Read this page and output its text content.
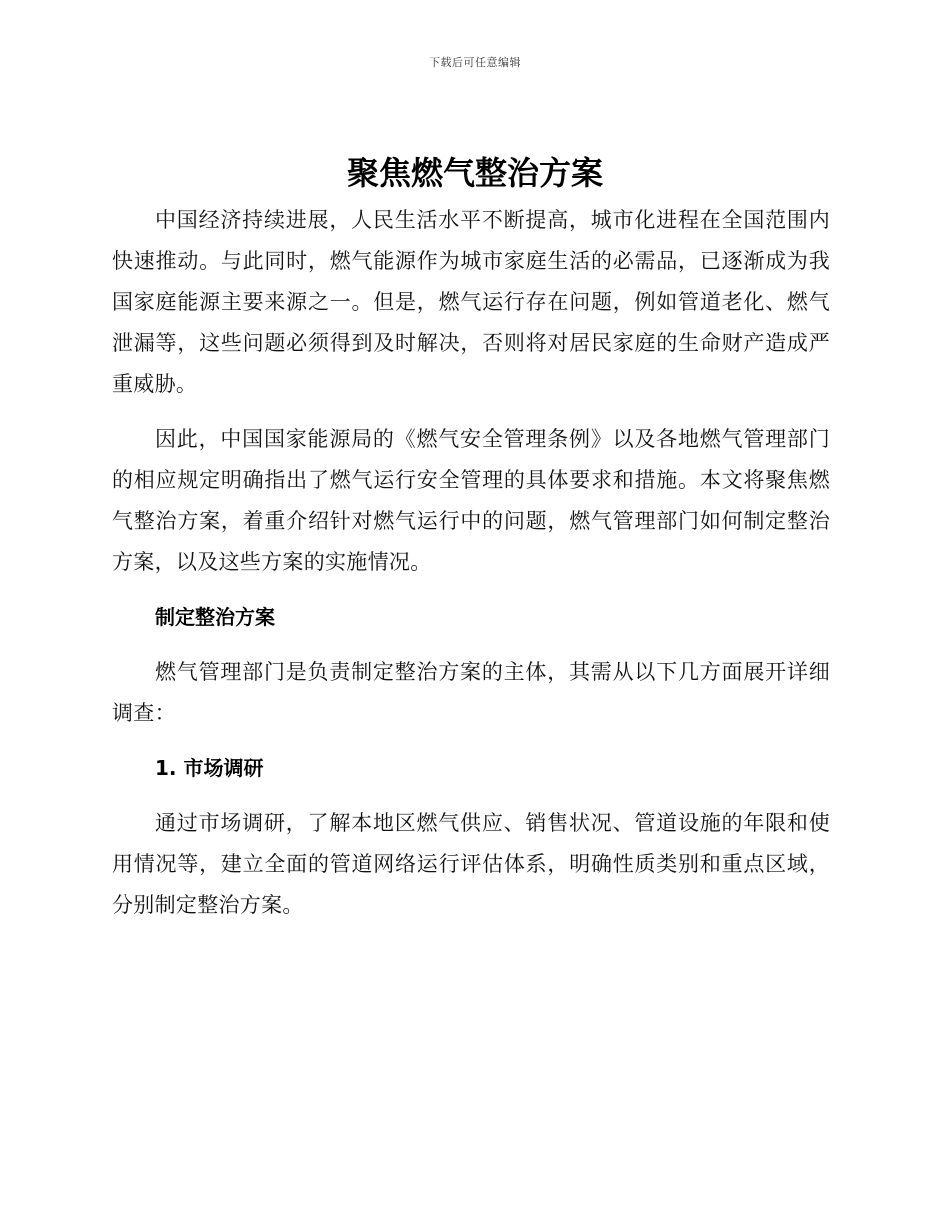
下载后可任意编辑
聚焦燃气整治方案

中国经济持续进展，人民生活水平不断提高，城市化进程在全国范围内快速推动。与此同时，燃气能源作为城市家庭生活的必需品，已逐渐成为我国家庭能源主要来源之一。但是，燃气运行存在问题，例如管道老化、燃气泄漏等，这些问题必须得到及时解决，否则将对居民家庭的生命财产造成严重威胁。

因此，中国国家能源局的《燃气安全管理条例》以及各地燃气管理部门的相应规定明确指出了燃气运行安全管理的具体要求和措施。本文将聚焦燃气整治方案，着重介绍针对燃气运行中的问题，燃气管理部门如何制定整治方案，以及这些方案的实施情况。

制定整治方案

燃气管理部门是负责制定整治方案的主体，其需从以下几方面展开详细调查：

1. 市场调研

通过市场调研，了解本地区燃气供应、销售状况、管道设施的年限和使用情况等，建立全面的管道网络运行评估体系，明确性质类别和重点区域，分别制定整治方案。
